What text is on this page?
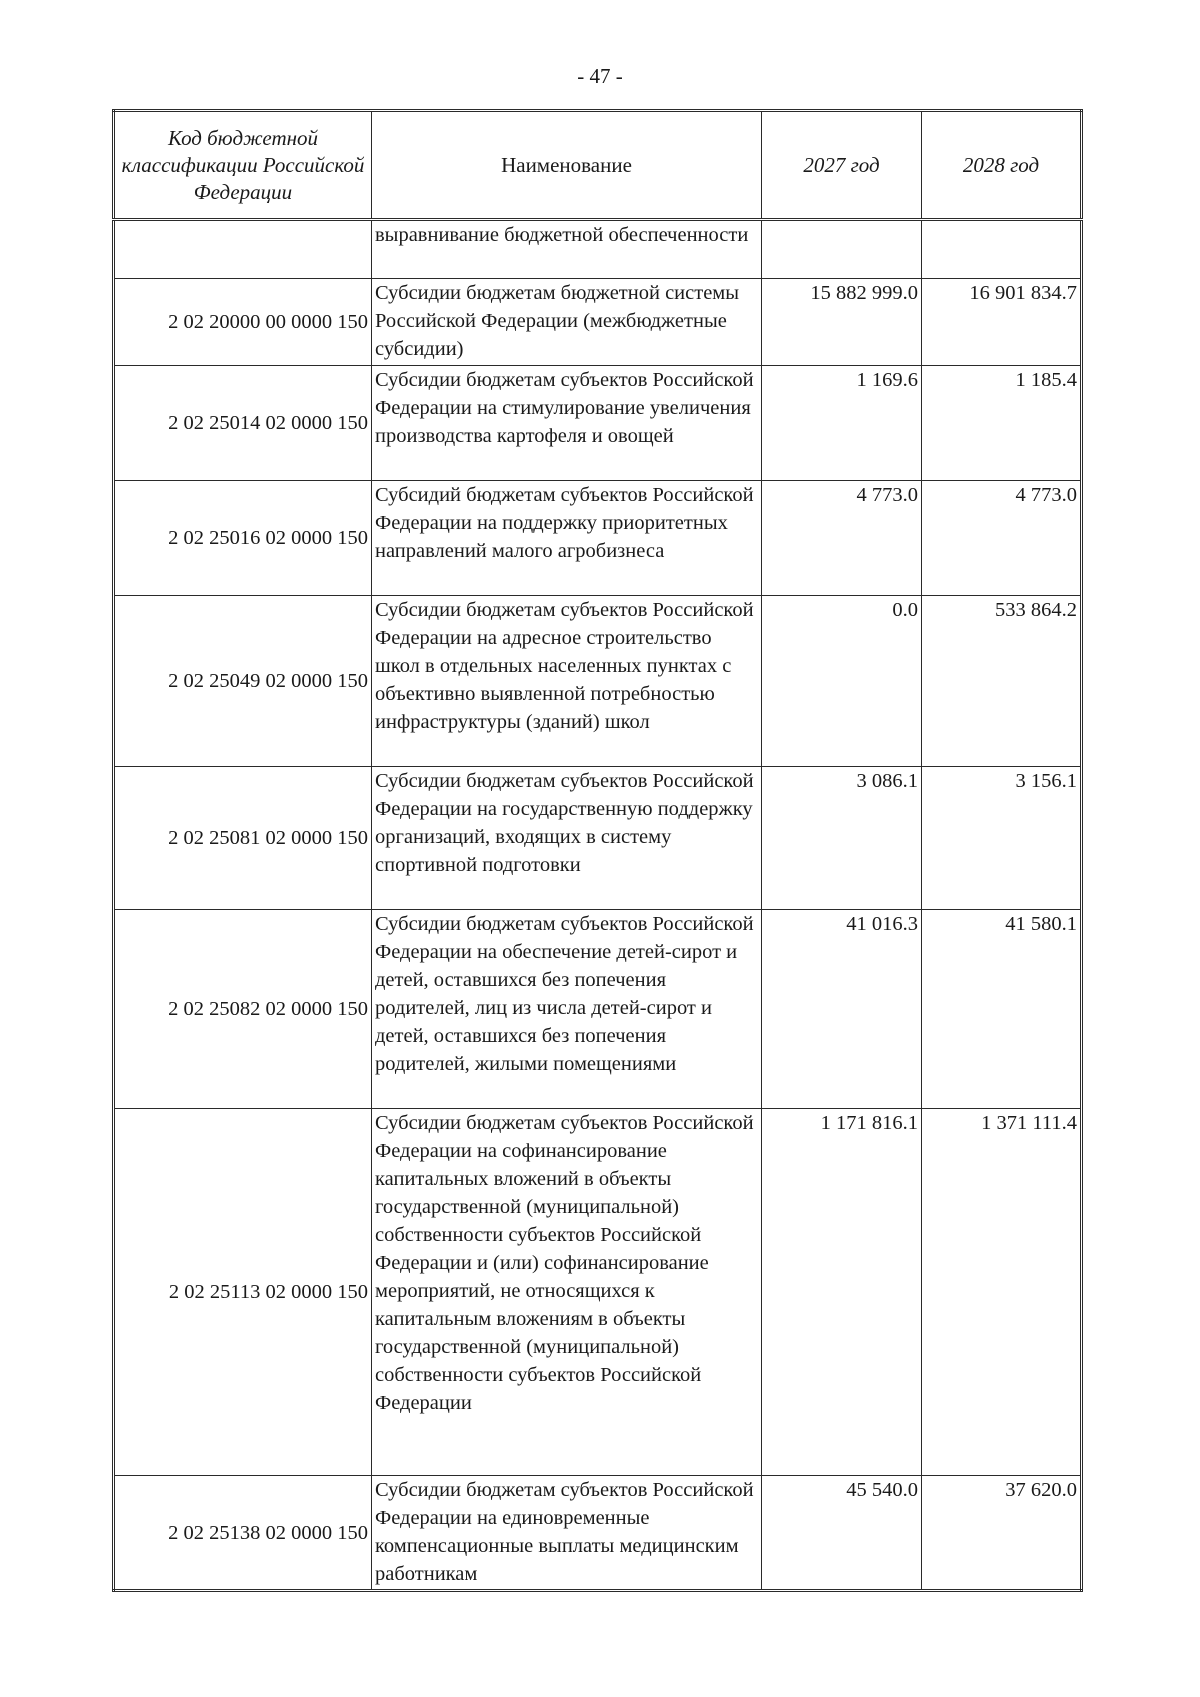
- 47 -
Код бюджетной классификации Российской Федерации	Наименование	2027 год	2028 год
	выравнивание бюджетной обеспеченности		
2 02 20000 00 0000 150	Субсидии бюджетам бюджетной системы Российской Федерации (межбюджетные субсидии)	15 882 999.0	16 901 834.7
2 02 25014 02 0000 150	Субсидии бюджетам субъектов Российской Федерации на стимулирование увеличения производства картофеля и овощей	1 169.6	1 185.4
2 02 25016 02 0000 150	Субсидий бюджетам субъектов Российской Федерации на поддержку приоритетных направлений малого агробизнеса	4 773.0	4 773.0
2 02 25049 02 0000 150	Субсидии бюджетам субъектов Российской Федерации на адресное строительство школ в отдельных населенных пунктах с объективно выявленной потребностью инфраструктуры (зданий) школ	0.0	533 864.2
2 02 25081 02 0000 150	Субсидии бюджетам субъектов Российской Федерации на государственную поддержку организаций, входящих в систему спортивной подготовки	3 086.1	3 156.1
2 02 25082 02 0000 150	Субсидии бюджетам субъектов Российской Федерации на обеспечение детей-сирот и детей, оставшихся без попечения родителей, лиц из числа детей-сирот и детей, оставшихся без попечения родителей, жилыми помещениями	41 016.3	41 580.1
2 02 25113 02 0000 150	Субсидии бюджетам субъектов Российской Федерации на софинансирование капитальных вложений в объекты государственной (муниципальной) собственности субъектов Российской Федерации и (или) софинансирование мероприятий, не относящихся к капитальным вложениям в объекты государственной (муниципальной) собственности субъектов Российской Федерации	1 171 816.1	1 371 111.4
2 02 25138 02 0000 150	Субсидии бюджетам субъектов Российской Федерации на единовременные компенсационные выплаты медицинским работникам	45 540.0	37 620.0
